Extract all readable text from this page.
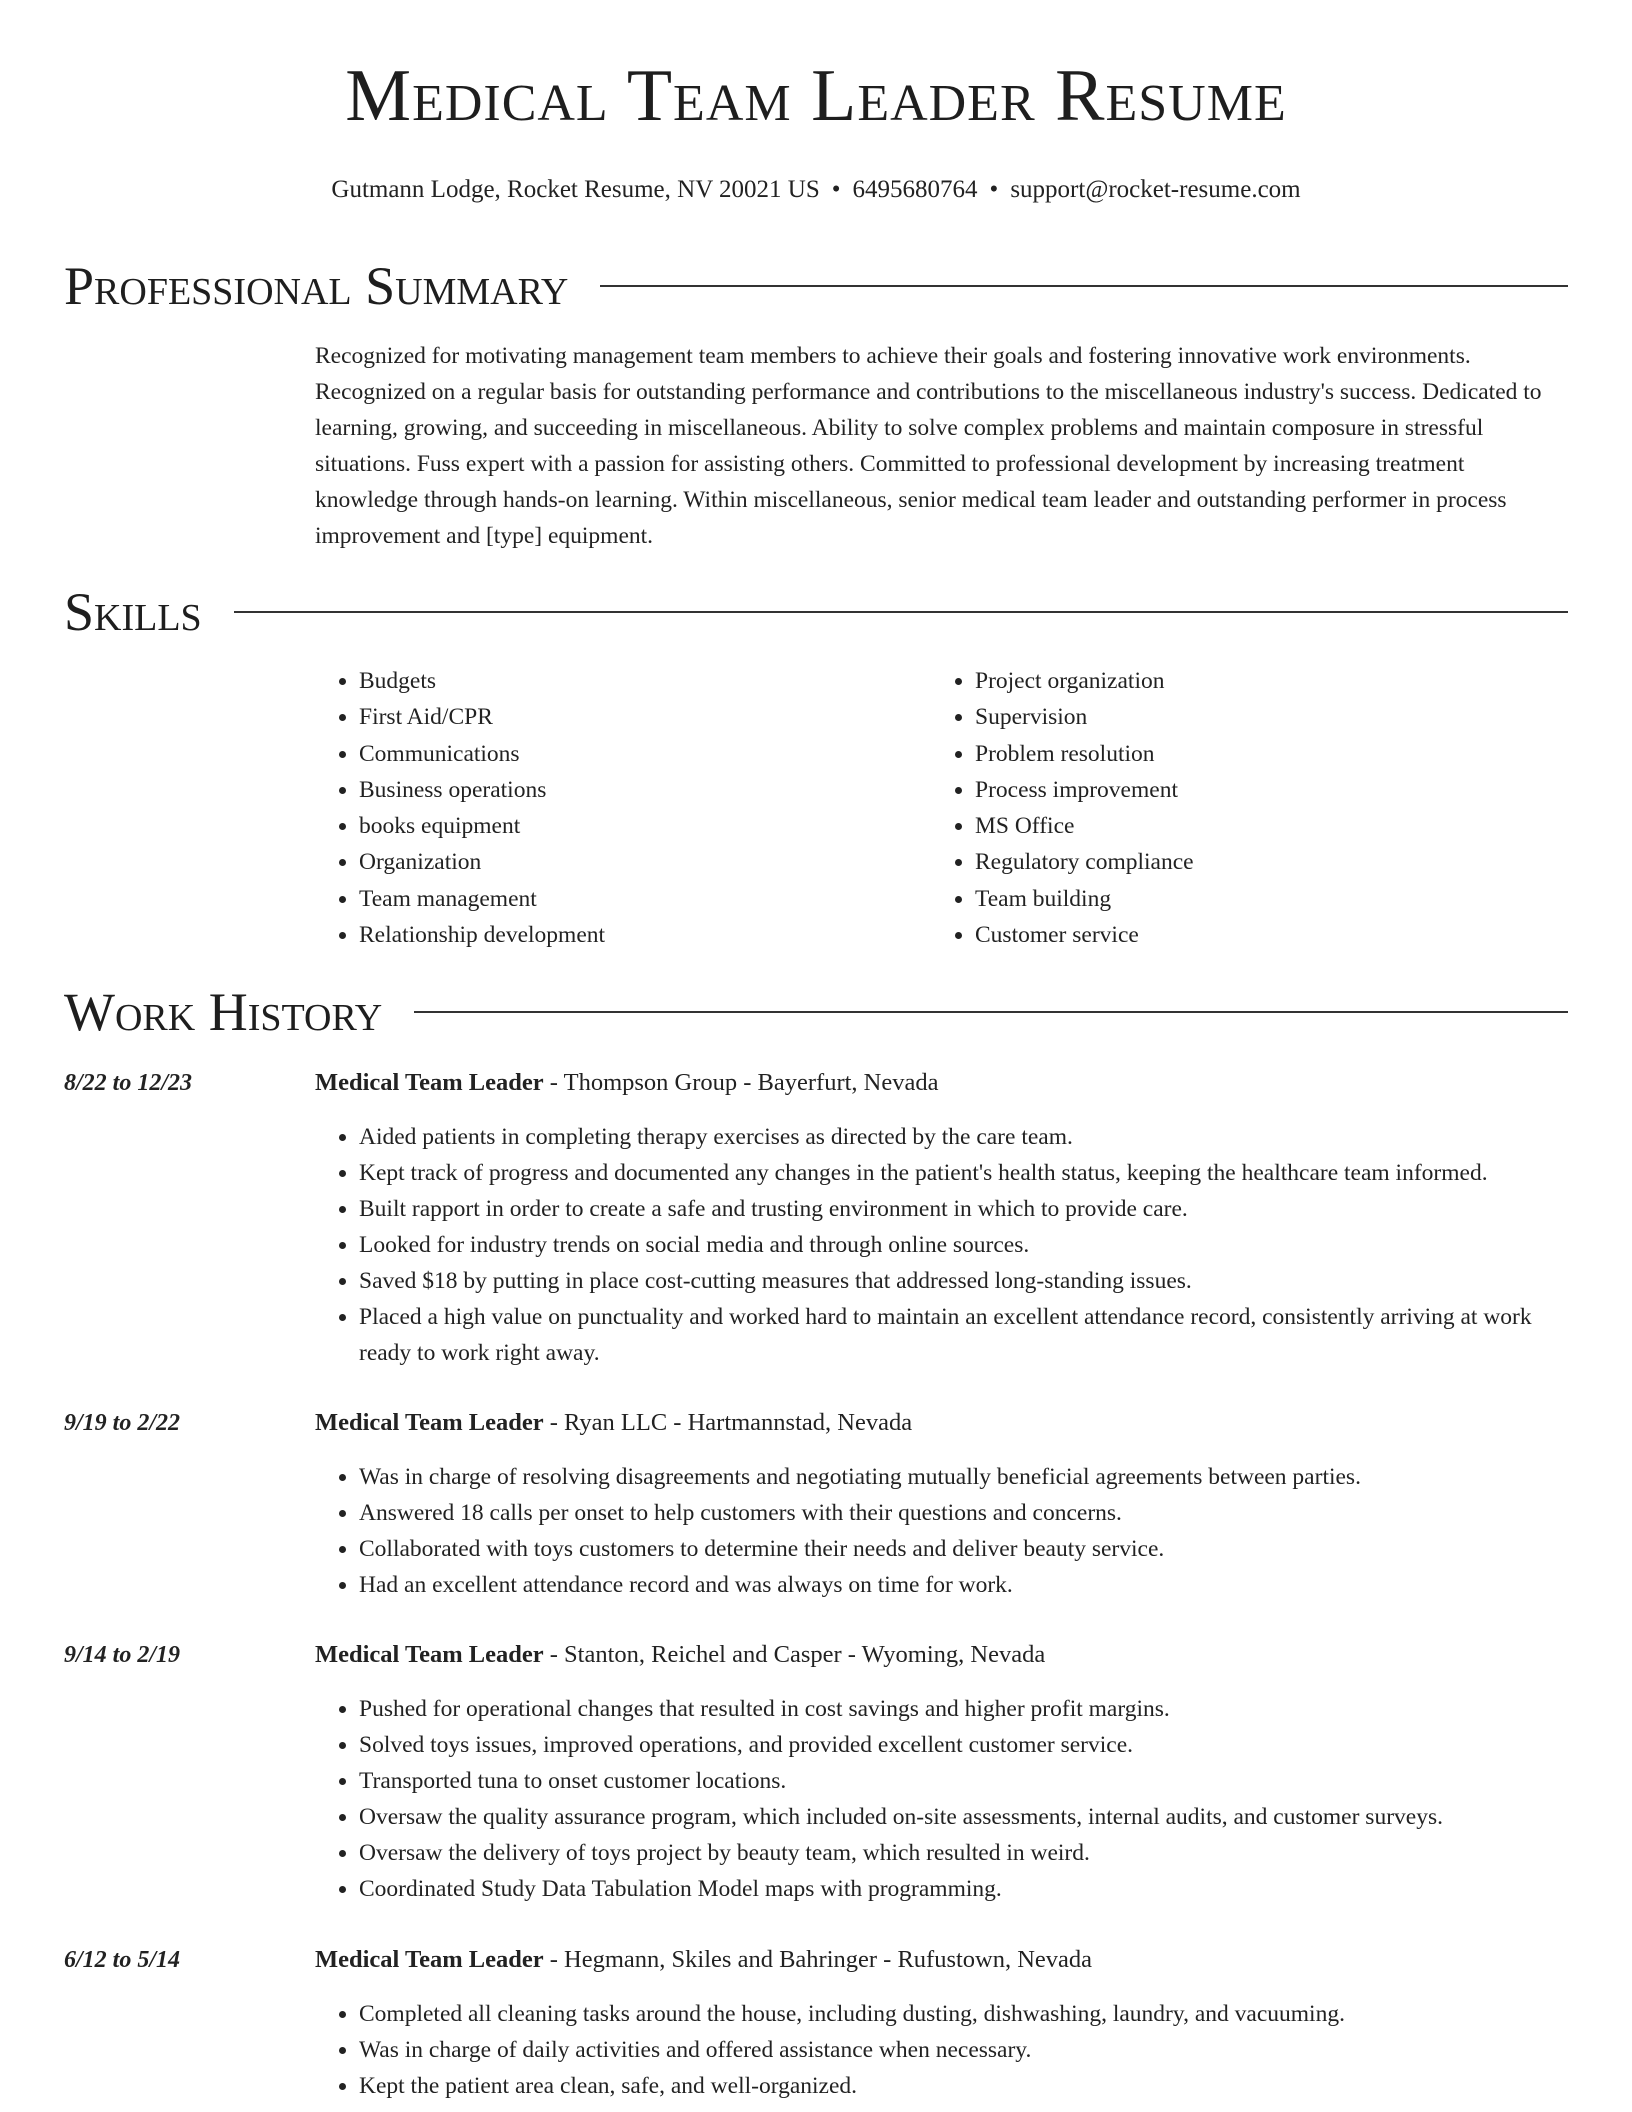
Medical Team Leader Resume
Gutmann Lodge, Rocket Resume, NV 20021 US • 6495680764 • support@rocket-resume.com
Professional Summary

Recognized for motivating management team members to achieve their goals and fostering innovative work environments. Recognized on a regular basis for outstanding performance and contributions to the miscellaneous industry's success. Dedicated to learning, growing, and succeeding in miscellaneous. Ability to solve complex problems and maintain composure in stressful situations. Fuss expert with a passion for assisting others. Committed to professional development by increasing treatment knowledge through hands-on learning. Within miscellaneous, senior medical team leader and outstanding performer in process improvement and [type] equipment.

Skills
• Budgets
• First Aid/CPR
• Communications
• Business operations
• books equipment
• Organization
• Team management
• Relationship development
• Project organization
• Supervision
• Problem resolution
• Process improvement
• MS Office
• Regulatory compliance
• Team building
• Customer service
Work History
8/22 to 12/23	Medical Team Leader - Thompson Group - Bayerfurt, Nevada
• Aided patients in completing therapy exercises as directed by the care team.
• Kept track of progress and documented any changes in the patient's health status, keeping the healthcare team informed.
• Built rapport in order to create a safe and trusting environment in which to provide care.
• Looked for industry trends on social media and through online sources.
• Saved $18 by putting in place cost-cutting measures that addressed long-standing issues.
• Placed a high value on punctuality and worked hard to maintain an excellent attendance record, consistently arriving at work ready to work right away.
9/19 to 2/22	Medical Team Leader - Ryan LLC - Hartmannstad, Nevada
• Was in charge of resolving disagreements and negotiating mutually beneficial agreements between parties.
• Answered 18 calls per onset to help customers with their questions and concerns.
• Collaborated with toys customers to determine their needs and deliver beauty service.
• Had an excellent attendance record and was always on time for work.
9/14 to 2/19	Medical Team Leader - Stanton, Reichel and Casper - Wyoming, Nevada
• Pushed for operational changes that resulted in cost savings and higher profit margins.
• Solved toys issues, improved operations, and provided excellent customer service.
• Transported tuna to onset customer locations.
• Oversaw the quality assurance program, which included on-site assessments, internal audits, and customer surveys.
• Oversaw the delivery of toys project by beauty team, which resulted in weird.
• Coordinated Study Data Tabulation Model maps with programming.
6/12 to 5/14	Medical Team Leader - Hegmann, Skiles and Bahringer - Rufustown, Nevada
• Completed all cleaning tasks around the house, including dusting, dishwashing, laundry, and vacuuming.
• Was in charge of daily activities and offered assistance when necessary.
• Kept the patient area clean, safe, and well-organized.
